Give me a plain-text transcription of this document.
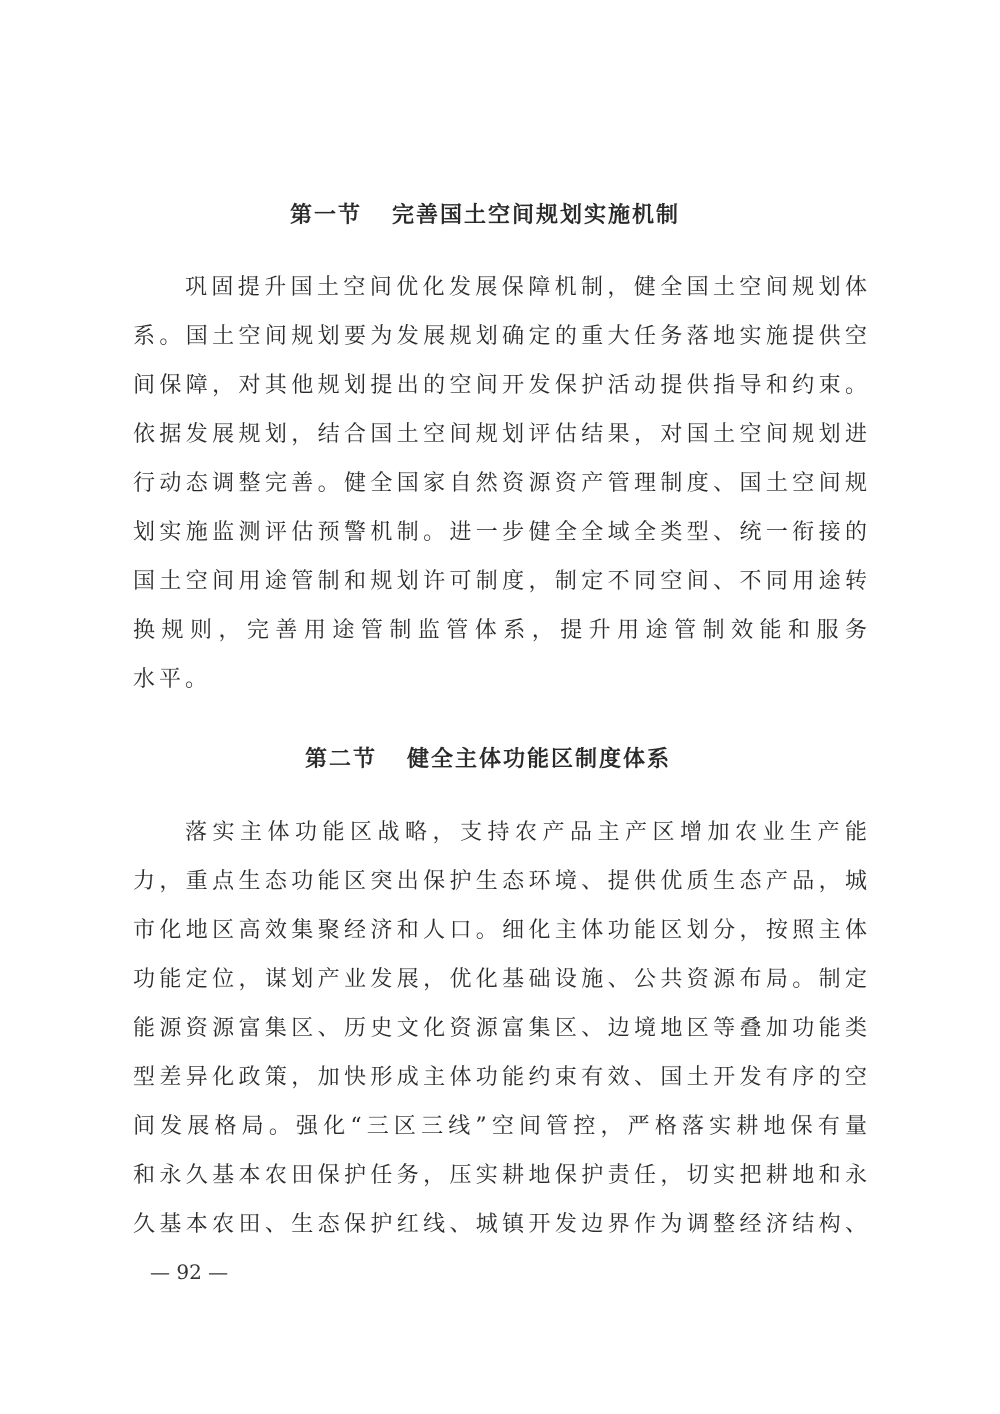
第一节 完善国土空间规划实施机制
巩固提升国土空间优化发展保障机制，健全国土空间规划体
系。国土空间规划要为发展规划确定的重大任务落地实施提供空
间保障，对其他规划提出的空间开发保护活动提供指导和约束。
依据发展规划，结合国土空间规划评估结果，对国土空间规划进
行动态调整完善。健全国家自然资源资产管理制度、国土空间规
划实施监测评估预警机制。进一步健全全域全类型、统一衔接的
国土空间用途管制和规划许可制度，制定不同空间、不同用途转
换规则，完善用途管制监管体系，提升用途管制效能和服务
水平。
第二节 健全主体功能区制度体系
落实主体功能区战略，支持农产品主产区增加农业生产能
力，重点生态功能区突出保护生态环境、提供优质生态产品，城
市化地区高效集聚经济和人口。细化主体功能区划分，按照主体
功能定位，谋划产业发展，优化基础设施、公共资源布局。制定
能源资源富集区、历史文化资源富集区、边境地区等叠加功能类
型差异化政策，加快形成主体功能约束有效、国土开发有序的空
间发展格局。强化“三区三线”空间管控，严格落实耕地保有量
和永久基本农田保护任务，压实耕地保护责任，切实把耕地和永
久基本农田、生态保护红线、城镇开发边界作为调整经济结构、
— 92 —
